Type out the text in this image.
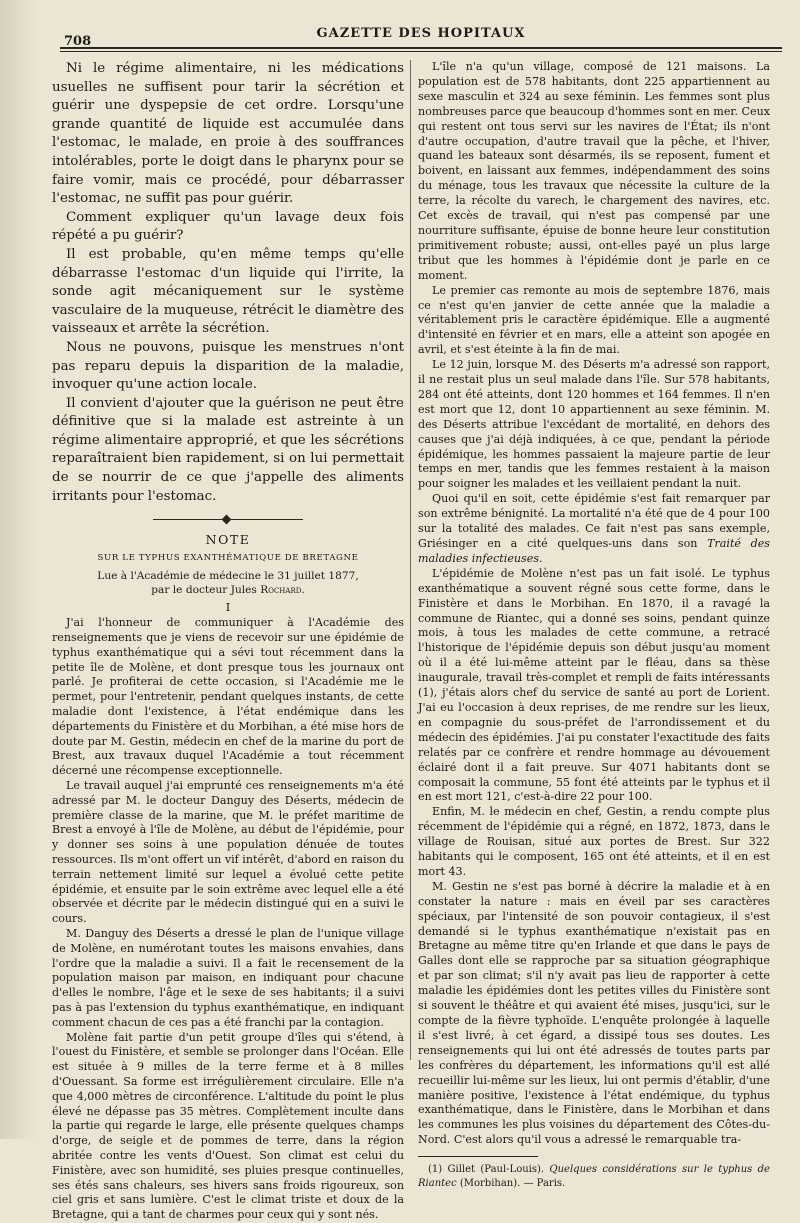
708
GAZETTE DES HOPITAUX

Ni le régime alimentaire, ni les médications usuelles ne suffisent pour tarir la sécrétion et guérir une dyspepsie de cet ordre. Lorsqu'une grande quantité de liquide est accumulée dans l'estomac, le malade, en proie à des souffrances intolérables, porte le doigt dans le pharynx pour se faire vomir, mais ce procédé, pour débarrasser l'estomac, ne suffit pas pour guérir.

Comment expliquer qu'un lavage deux fois répété a pu guérir?

Il est probable, qu'en même temps qu'elle débarrasse l'estomac d'un liquide qui l'irrite, la sonde agit mécaniquement sur le système vasculaire de la muqueuse, rétrécit le diamètre des vaisseaux et arrête la sécrétion.

Nous ne pouvons, puisque les menstrues n'ont pas reparu depuis la disparition de la maladie, invoquer qu'une action locale.

Il convient d'ajouter que la guérison ne peut être définitive que si la malade est astreinte à un régime alimentaire approprié, et que les sécrétions reparaîtraient bien rapidement, si on lui permettait de se nourrir de ce que j'appelle des aliments irritants pour l'estomac.

NOTE
SUR LE TYPHUS EXANTHÉMATIQUE DE BRETAGNE
Lue à l'Académie de médecine le 31 juillet 1877,
par le docteur Jules Rochard.
I

J'ai l'honneur de communiquer à l'Académie des renseignements que je viens de recevoir sur une épidémie de typhus exanthématique qui a sévi tout récemment dans la petite île de Molène, et dont presque tous les journaux ont parlé. Je profiterai de cette occasion, si l'Académie me le permet, pour l'entretenir, pendant quelques instants, de cette maladie dont l'existence, à l'état endémique dans les départements du Finistère et du Morbihan, a été mise hors de doute par M. Gestin, médecin en chef de la marine du port de Brest, aux travaux duquel l'Académie a tout récemment décerné une récompense exceptionnelle.

Le travail auquel j'ai emprunté ces renseignements m'a été adressé par M. le docteur Danguy des Déserts, médecin de première classe de la marine, que M. le préfet maritime de Brest a envoyé à l'île de Molène, au début de l'épidémie, pour y donner ses soins à une population dénuée de toutes ressources. Ils m'ont offert un vif intérêt, d'abord en raison du terrain nettement limité sur lequel a évolué cette petite épidémie, et ensuite par le soin extrême avec lequel elle a été observée et décrite par le médecin distingué qui en a suivi le cours.

M. Danguy des Déserts a dressé le plan de l'unique village de Molène, en numérotant toutes les maisons envahies, dans l'ordre que la maladie a suivi. Il a fait le recensement de la population maison par maison, en indiquant pour chacune d'elles le nombre, l'âge et le sexe de ses habitants; il a suivi pas à pas l'extension du typhus exanthématique, en indiquant comment chacun de ces pas a été franchi par la contagion.

Molène fait partie d'un petit groupe d'îles qui s'étend, à l'ouest du Finistère, et semble se prolonger dans l'Océan. Elle est située à 9 milles de la terre ferme et à 8 milles d'Ouessant. Sa forme est irrégulièrement circulaire. Elle n'a que 4,000 mètres de circonférence. L'altitude du point le plus élevé ne dépasse pas 35 mètres. Complètement inculte dans la partie qui regarde le large, elle présente quelques champs d'orge, de seigle et de pommes de terre, dans la région abritée contre les vents d'Ouest. Son climat est celui du Finistère, avec son humidité, ses pluies presque continuelles, ses étés sans chaleurs, ses hivers sans froids rigoureux, son ciel gris et sans lumière. C'est le climat triste et doux de la Bretagne, qui a tant de charmes pour ceux qui y sont nés.

L'île n'a qu'un village, composé de 121 maisons. La population est de 578 habitants, dont 225 appartiennent au sexe masculin et 324 au sexe féminin. Les femmes sont plus nombreuses parce que beaucoup d'hommes sont en mer. Ceux qui restent ont tous servi sur les navires de l'État; ils n'ont d'autre occupation, d'autre travail que la pêche, et l'hiver, quand les bateaux sont désarmés, ils se reposent, fument et boivent, en laissant aux femmes, indépendamment des soins du ménage, tous les travaux que nécessite la culture de la terre, la récolte du varech, le chargement des navires, etc. Cet excès de travail, qui n'est pas compensé par une nourriture suffisante, épuise de bonne heure leur constitution primitivement robuste; aussi, ont-elles payé un plus large tribut que les hommes à l'épidémie dont je parle en ce moment.

Le premier cas remonte au mois de septembre 1876, mais ce n'est qu'en janvier de cette année que la maladie a véritablement pris le caractère épidémique. Elle a augmenté d'intensité en février et en mars, elle a atteint son apogée en avril, et s'est éteinte à la fin de mai.

Le 12 juin, lorsque M. des Déserts m'a adressé son rapport, il ne restait plus un seul malade dans l'île. Sur 578 habitants, 284 ont été atteints, dont 120 hommes et 164 femmes. Il n'en est mort que 12, dont 10 appartiennent au sexe féminin. M. des Déserts attribue l'excédant de mortalité, en dehors des causes que j'ai déjà indiquées, à ce que, pendant la période épidémique, les hommes passaient la majeure partie de leur temps en mer, tandis que les femmes restaient à la maison pour soigner les malades et les veillaient pendant la nuit.

Quoi qu'il en soit, cette épidémie s'est fait remarquer par son extrême bénignité. La mortalité n'a été que de 4 pour 100 sur la totalité des malades. Ce fait n'est pas sans exemple, Griésinger en a cité quelques-uns dans son Traité des maladies infectieuses.

L'épidémie de Molène n'est pas un fait isolé. Le typhus exanthématique a souvent régné sous cette forme, dans le Finistère et dans le Morbihan. En 1870, il a ravagé la commune de Riantec, qui a donné ses soins, pendant quinze mois, à tous les malades de cette commune, a retracé l'historique de l'épidémie depuis son début jusqu'au moment où il a été lui-même atteint par le fléau, dans sa thèse inaugurale, travail très-complet et rempli de faits intéressants (1), j'étais alors chef du service de santé au port de Lorient. J'ai eu l'occasion à deux reprises, de me rendre sur les lieux, en compagnie du sous-préfet de l'arrondissement et du médecin des épidémies. J'ai pu constater l'exactitude des faits relatés par ce confrère et rendre hommage au dévouement éclairé dont il a fait preuve. Sur 4071 habitants dont se composait la commune, 55 font été atteints par le typhus et il en est mort 121, c'est-à-dire 22 pour 100.

Enfin, M. le médecin en chef, Gestin, a rendu compte plus récemment de l'épidémie qui a régné, en 1872, 1873, dans le village de Rouisan, situé aux portes de Brest. Sur 322 habitants qui le composent, 165 ont été atteints, et il en est mort 43.

M. Gestin ne s'est pas borné à décrire la maladie et à en constater la nature : mais en éveil par ses caractères spéciaux, par l'intensité de son pouvoir contagieux, il s'est demandé si le typhus exanthématique n'existait pas en Bretagne au même titre qu'en Irlande et que dans le pays de Galles dont elle se rapproche par sa situation géographique et par son climat; s'il n'y avait pas lieu de rapporter à cette maladie les épidémies dont les petites villes du Finistère sont si souvent le théâtre et qui avaient été mises, jusqu'ici, sur le compte de la fièvre typhoïde. L'enquête prolongée à laquelle il s'est livré, à cet égard, a dissipé tous ses doutes. Les renseignements qui lui ont été adressés de toutes parts par les confrères du département, les informations qu'il est allé recueillir lui-même sur les lieux, lui ont permis d'établir, d'une manière positive, l'existence à l'état endémique, du typhus exanthématique, dans le Finistère, dans le Morbihan et dans les communes les plus voisines du département des Côtes-du-Nord. C'est alors qu'il vous a adressé le remarquable tra-

(1) Gillet (Paul-Louis). Quelques considérations sur le typhus de Riantec (Morbihan). — Paris.
